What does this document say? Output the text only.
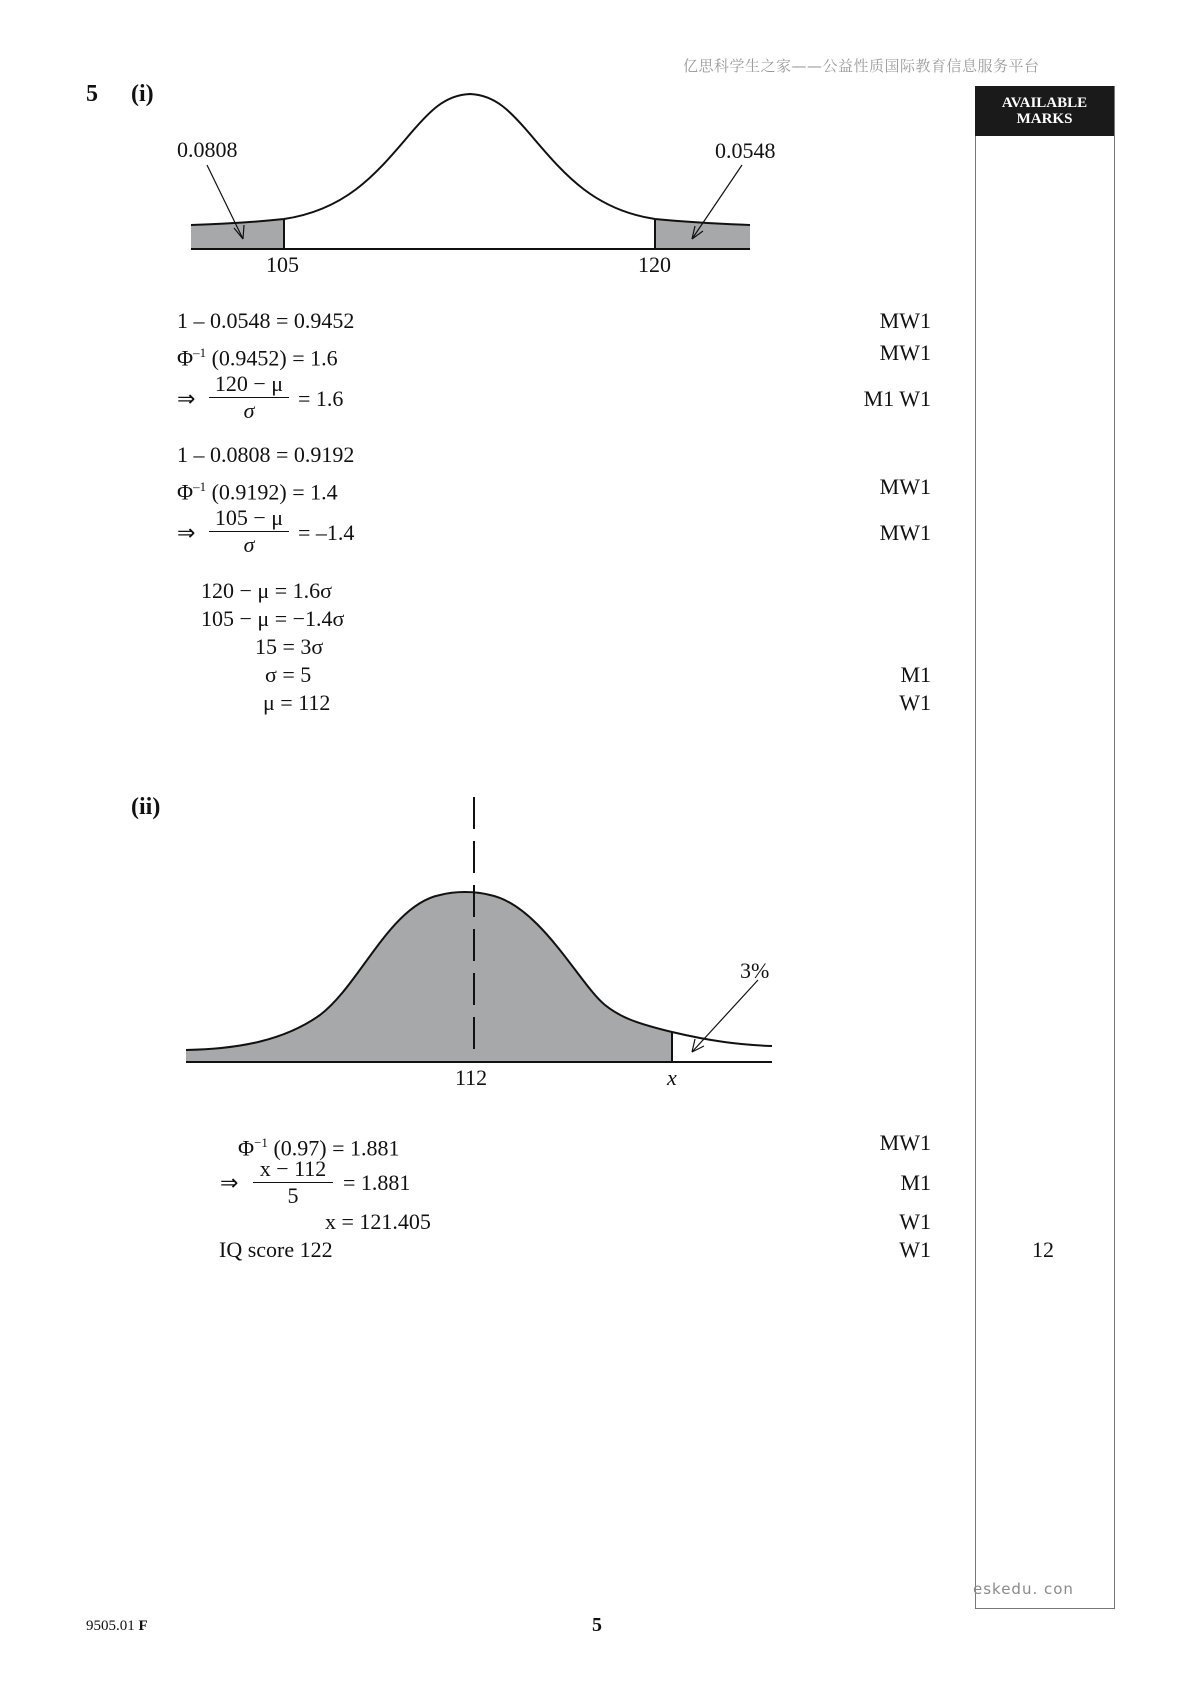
亿思科学生之家——公益性质国际教育信息服务平台
5 (i)	AVAILABLE
MARKS
0.0808	0.0548
105	120
1 – 0.0548 = 0.9452	MW1
$\Phi^{-1}$ (0.9452) = 1.6	MW1
⇒
120 − μ
σ	= 1.6	M1 W1
1 – 0.0808 = 0.9192
$\Phi^{-1}$ (0.9192) = 1.4	MW1
⇒
105 − μ
σ	= –1.4	MW1
120 − μ = 1.6σ
105 − μ = −1.4σ
15 = 3σ
σ = 5	M1
μ = 112	W1
(ii)
3%
112	x
$\Phi^{-1}$ (0.97) = 1.881	MW1
⇒
x − 112
5
= 1.881	M1
x = 121.405	W1
IQ score 122	W1	12
eskedu. con
9505.01 F	5
